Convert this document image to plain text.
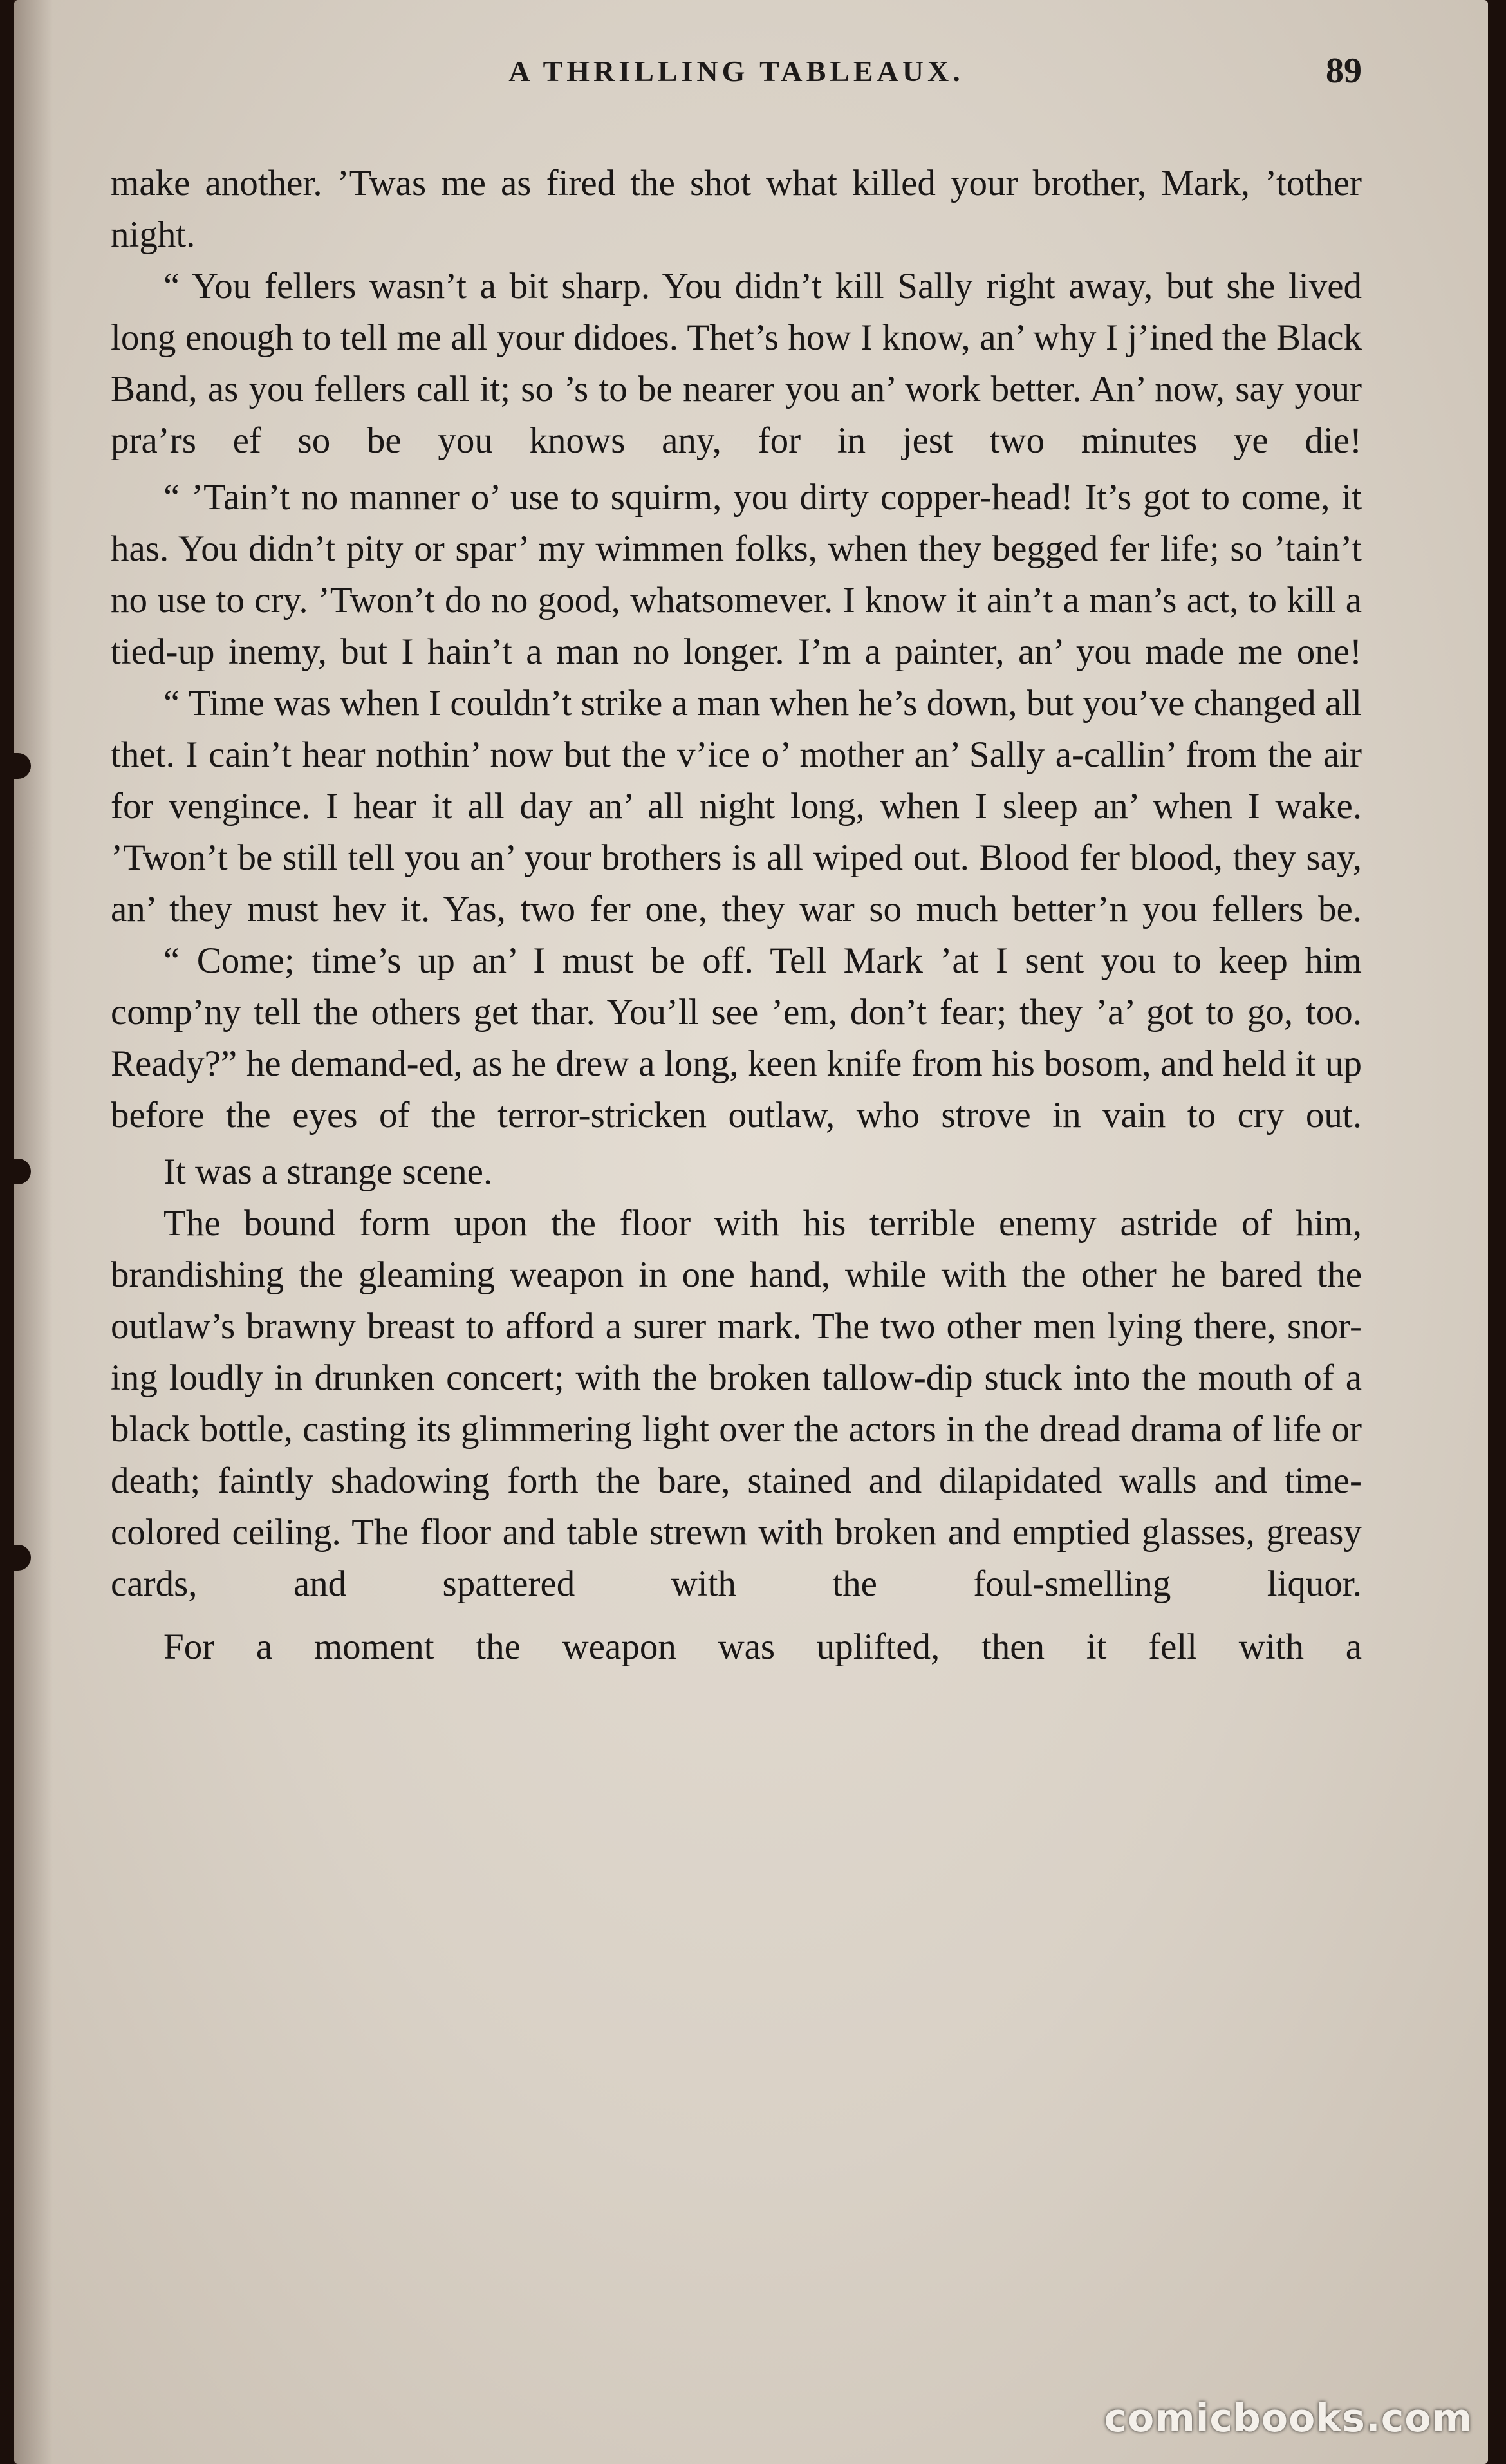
A THRILLING TABLEAUX.	89

make another. ’Twas me as fired the shot what killed your brother, Mark, ’tother night.

“ You fellers wasn’t a bit sharp. You didn’t kill Sally right away, but she lived long enough to tell me all your didoes. Thet’s how I know, an’ why I j’ined the Black Band, as you fellers call it; so ’s to be nearer you an’ work better. An’ now, say your pra’rs ef so be you knows any, for in jest two minutes ye die!

“ ’Tain’t no manner o’ use to squirm, you dirty copper-head! It’s got to come, it has. You didn’t pity or spar’ my wimmen folks, when they begged fer life; so ’tain’t no use to cry. ’Twon’t do no good, whatsomever. I know it ain’t a man’s act, to kill a tied-up inemy, but I hain’t a man no longer. I’m a painter, an’ you made me one!

“ Time was when I couldn’t strike a man when he’s down, but you’ve changed all thet. I cain’t hear nothin’ now but the v’ice o’ mother an’ Sally a-callin’ from the air for vengince. I hear it all day an’ all night long, when I sleep an’ when I wake. ’Twon’t be still tell you an’ your brothers is all wiped out. Blood fer blood, they say, an’ they must hev it. Yas, two fer one, they war so much better’n you fellers be.

“ Come; time’s up an’ I must be off. Tell Mark ’at I sent you to keep him comp’ny tell the others get thar. You’ll see ’em, don’t fear; they ’a’ got to go, too. Ready?” he demand-ed, as he drew a long, keen knife from his bosom, and held it up before the eyes of the terror-stricken outlaw, who strove in vain to cry out.

It was a strange scene.

The bound form upon the floor with his terrible enemy astride of him, brandishing the gleaming weapon in one hand, while with the other he bared the outlaw’s brawny breast to afford a surer mark. The two other men lying there, snor-ing loudly in drunken concert; with the broken tallow-dip stuck into the mouth of a black bottle, casting its glimmering light over the actors in the dread drama of life or death; faintly shadowing forth the bare, stained and dilapidated walls and time-colored ceiling. The floor and table strewn with broken and emptied glasses, greasy cards, and spattered with the foul-smelling liquor.

For a moment the weapon was uplifted, then it fell with a

comicbooks.com
